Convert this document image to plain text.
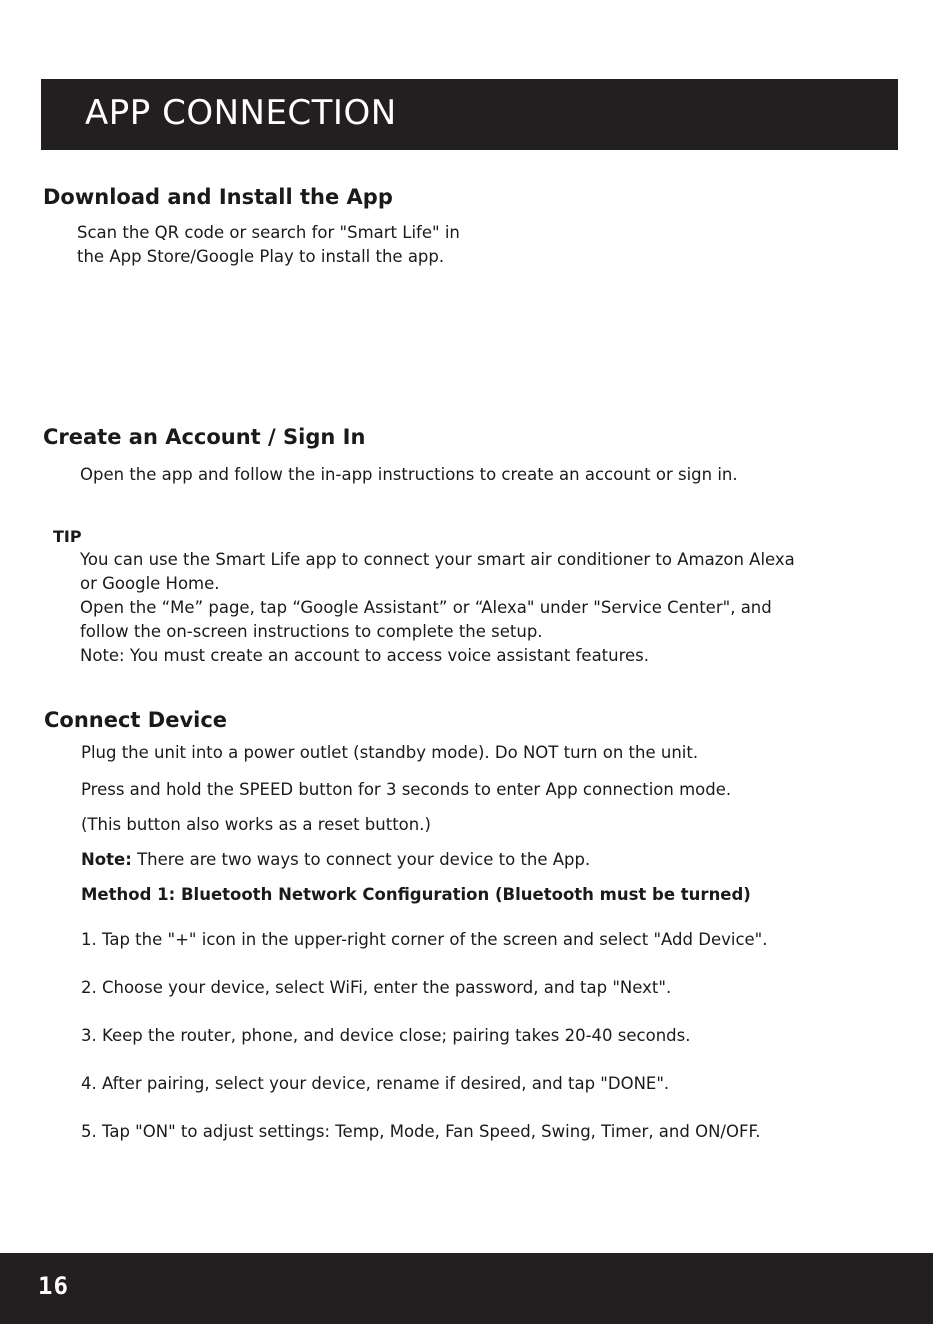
APP CONNECTION
Download and Install the App

Scan the QR code or search for "Smart Life" in

the App Store/Google Play to install the app.

Create an Account / Sign In

Open the app and follow the in-app instructions to create an account or sign in.

TIP

You can use the Smart Life app to connect your smart air conditioner to Amazon Alexa

or Google Home.

Open the “Me” page, tap “Google Assistant” or “Alexa" under "Service Center", and

follow the on-screen instructions to complete the setup.

Note: You must create an account to access voice assistant features.

Connect Device

Plug the unit into a power outlet (standby mode). Do NOT turn on the unit.

Press and hold the SPEED button for 3 seconds to enter App connection mode.

(This button also works as a reset button.)

Note: There are two ways to connect your device to the App.

Method 1: Bluetooth Network Configuration (Bluetooth must be turned)

1. Tap the "+" icon in the upper-right corner of the screen and select "Add Device".

2. Choose your device, select WiFi, enter the password, and tap "Next".

3. Keep the router, phone, and device close; pairing takes 20-40 seconds.

4. After pairing, select your device, rename if desired, and tap "DONE".

5. Tap "ON" to adjust settings: Temp, Mode, Fan Speed, Swing, Timer, and ON/OFF.

16
